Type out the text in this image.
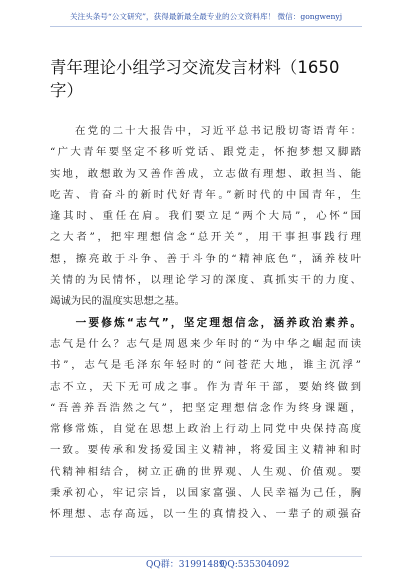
关注头条号“公文研究”，获得最新最全最专业的公文资料库！ 微信：gongwenyj
青年理论小组学习交流发言材料（1650
字）
　　在党的二十大报告中，习近平总书记殷切寄语青年：
“广大青年要坚定不移听党话、跟党走，怀抱梦想又脚踏
实地，敢想敢为又善作善成，立志做有理想、敢担当、能
吃苦、肯奋斗的新时代好青年。”新时代的中国青年，生
逢其时、重任在肩。我们要立足“两个大局”，心怀“国
之大者”，把牢理想信念“总开关”，用干事担事践行理
想，擦亮敢于斗争、善于斗争的“精神底色”，涵养枝叶
关情的为民情怀，以理论学习的深度、真抓实干的力度、
竭诚为民的温度实思想之基。
　　一要修炼“志气”，坚定理想信念，涵养政治素养。
志气是什么？志气是周恩来少年时的“为中华之崛起而读
书”，志气是毛泽东年轻时的“问苍茫大地，谁主沉浮”
志不立，天下无可成之事。作为青年干部，要始终做到
“吾善养吾浩然之气”，把坚定理想信念作为终身课题，
常修常炼，自觉在思想上政治上行动上同党中央保持高度
一致。要传承和发扬爱国主义精神，将爱国主义精神和时
代精神相结合，树立正确的世界观、人生观、价值观。要
秉承初心，牢记宗旨，以国家富强、人民幸福为己任，胸
怀理想、志存高远，以一生的真情投入、一辈子的顽强奋
QQ群：31991489
QQ:535304092
